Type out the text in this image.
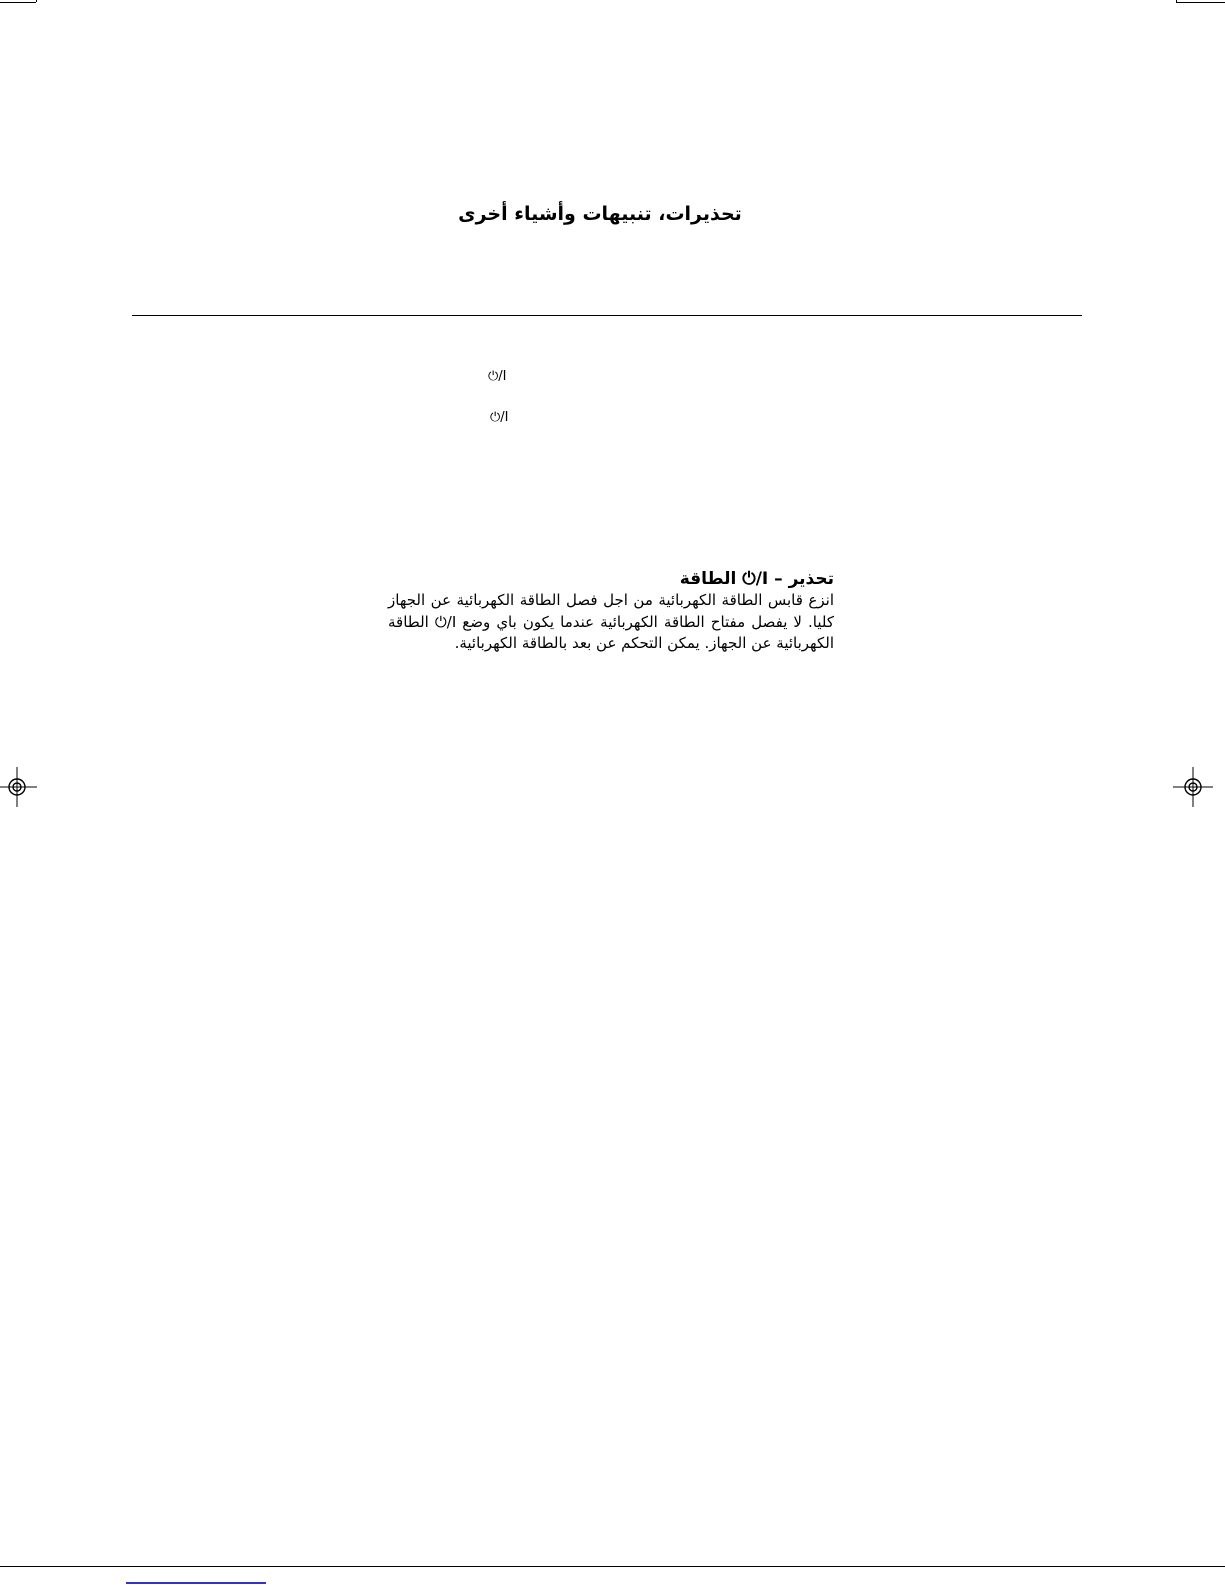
تحذيرات، تنبيهات وأشياء أخرى
⏻/I
⏻/I
تحذير – I/⏻ الطاقة
انزع قابس الطاقة الكهربائية من اجل فصل الطاقة الكهربائية عن الجهاز كليا. لا يفصل مفتاح الطاقة الكهربائية عندما يكون باي وضع I/⏻ الطاقة الكهربائية عن الجهاز. يمكن التحكم عن بعد بالطاقة الكهربائية.
